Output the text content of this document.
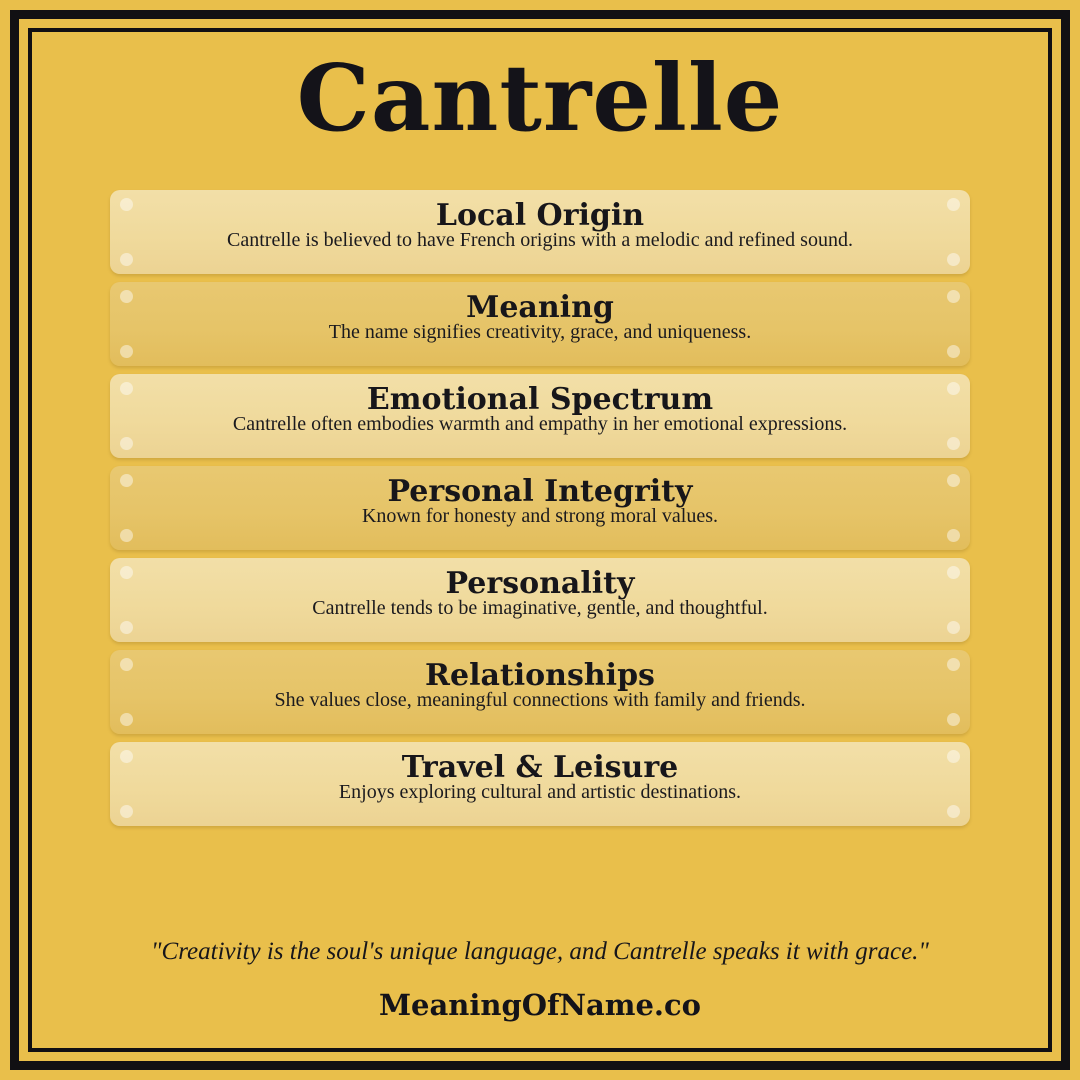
Cantrelle
Local Origin
Cantrelle is believed to have French origins with a melodic and refined sound.
Meaning
The name signifies creativity, grace, and uniqueness.
Emotional Spectrum
Cantrelle often embodies warmth and empathy in her emotional expressions.
Personal Integrity
Known for honesty and strong moral values.
Personality
Cantrelle tends to be imaginative, gentle, and thoughtful.
Relationships
She values close, meaningful connections with family and friends.
Travel & Leisure
Enjoys exploring cultural and artistic destinations.
"Creativity is the soul's unique language, and Cantrelle speaks it with grace."
MeaningOfName.co
